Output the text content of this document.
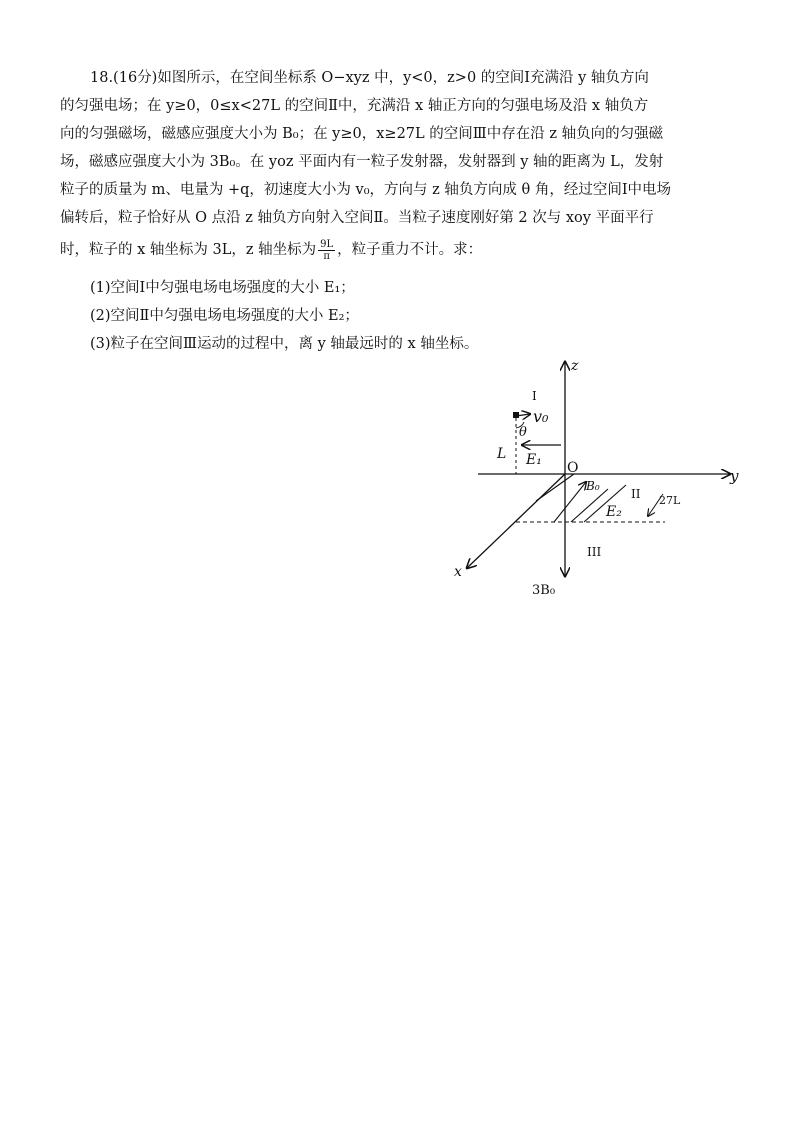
18.(16分)如图所示，在空间坐标系 O−xyz 中，y<0，z>0 的空间Ⅰ充满沿 y 轴负方向
的匀强电场；在 y≥0，0≤x<27L 的空间Ⅱ中，充满沿 x 轴正方向的匀强电场及沿 x 轴负方
向的匀强磁场，磁感应强度大小为 B₀；在 y≥0，x≥27L 的空间Ⅲ中存在沿 z 轴负向的匀强磁
场，磁感应强度大小为 3B₀。在 yoz 平面内有一粒子发射器，发射器到 y 轴的距离为 L，发射
粒子的质量为 m、电量为 +q，初速度大小为 v₀，方向与 z 轴负方向成 θ 角，经过空间Ⅰ中电场
偏转后，粒子恰好从 O 点沿 z 轴负方向射入空间Ⅱ。当粒子速度刚好第 2 次与 xoy 平面平行
时，粒子的 x 轴坐标为 3L，z 轴坐标为 $\frac{9L}{\pi}$ ，粒子重力不计。求：
(1)空间Ⅰ中匀强电场电场强度的大小 E₁；
(2)空间Ⅱ中匀强电场电场强度的大小 E₂；
(3)粒子在空间Ⅲ运动的过程中，离 y 轴最远时的 x 轴坐标。
z
y
x
3B₀
O
I
II
III
v₀
θ
E₁
L
B₀
E₂
27L
